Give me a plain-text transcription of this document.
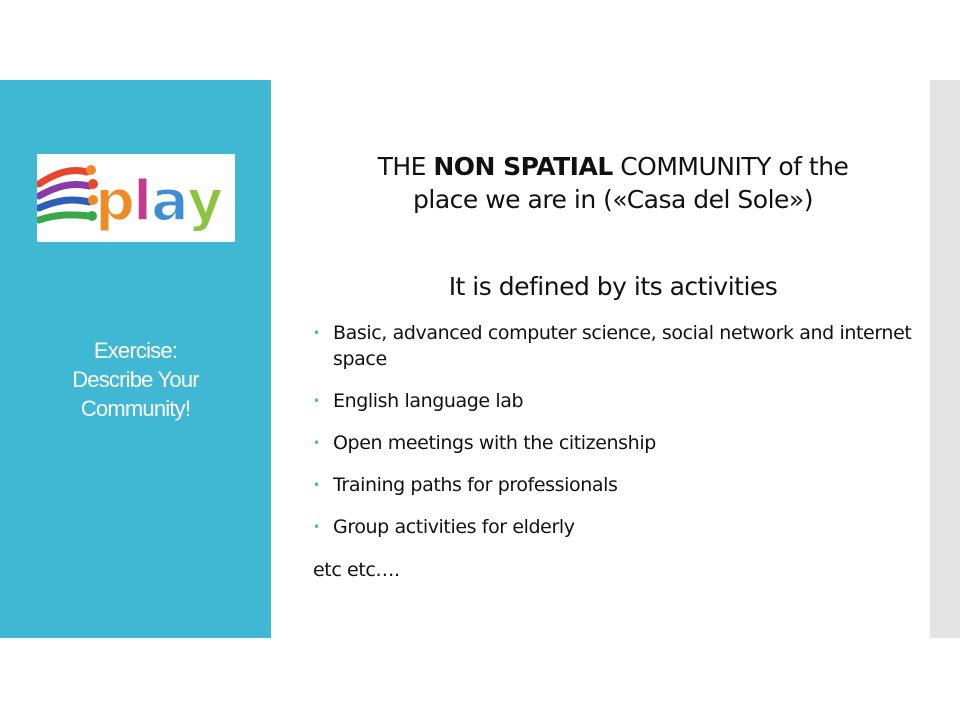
p
l
a
y
Exercise:
Describe Your
Community!
THE NON SPATIAL COMMUNITY of the
place we are in («Casa del Sole»)
It is defined by its activities
• Basic, advanced computer science, social network and internet space
• English language lab
• Open meetings with the citizenship
• Training paths for professionals
• Group activities for elderly
etc etc….
